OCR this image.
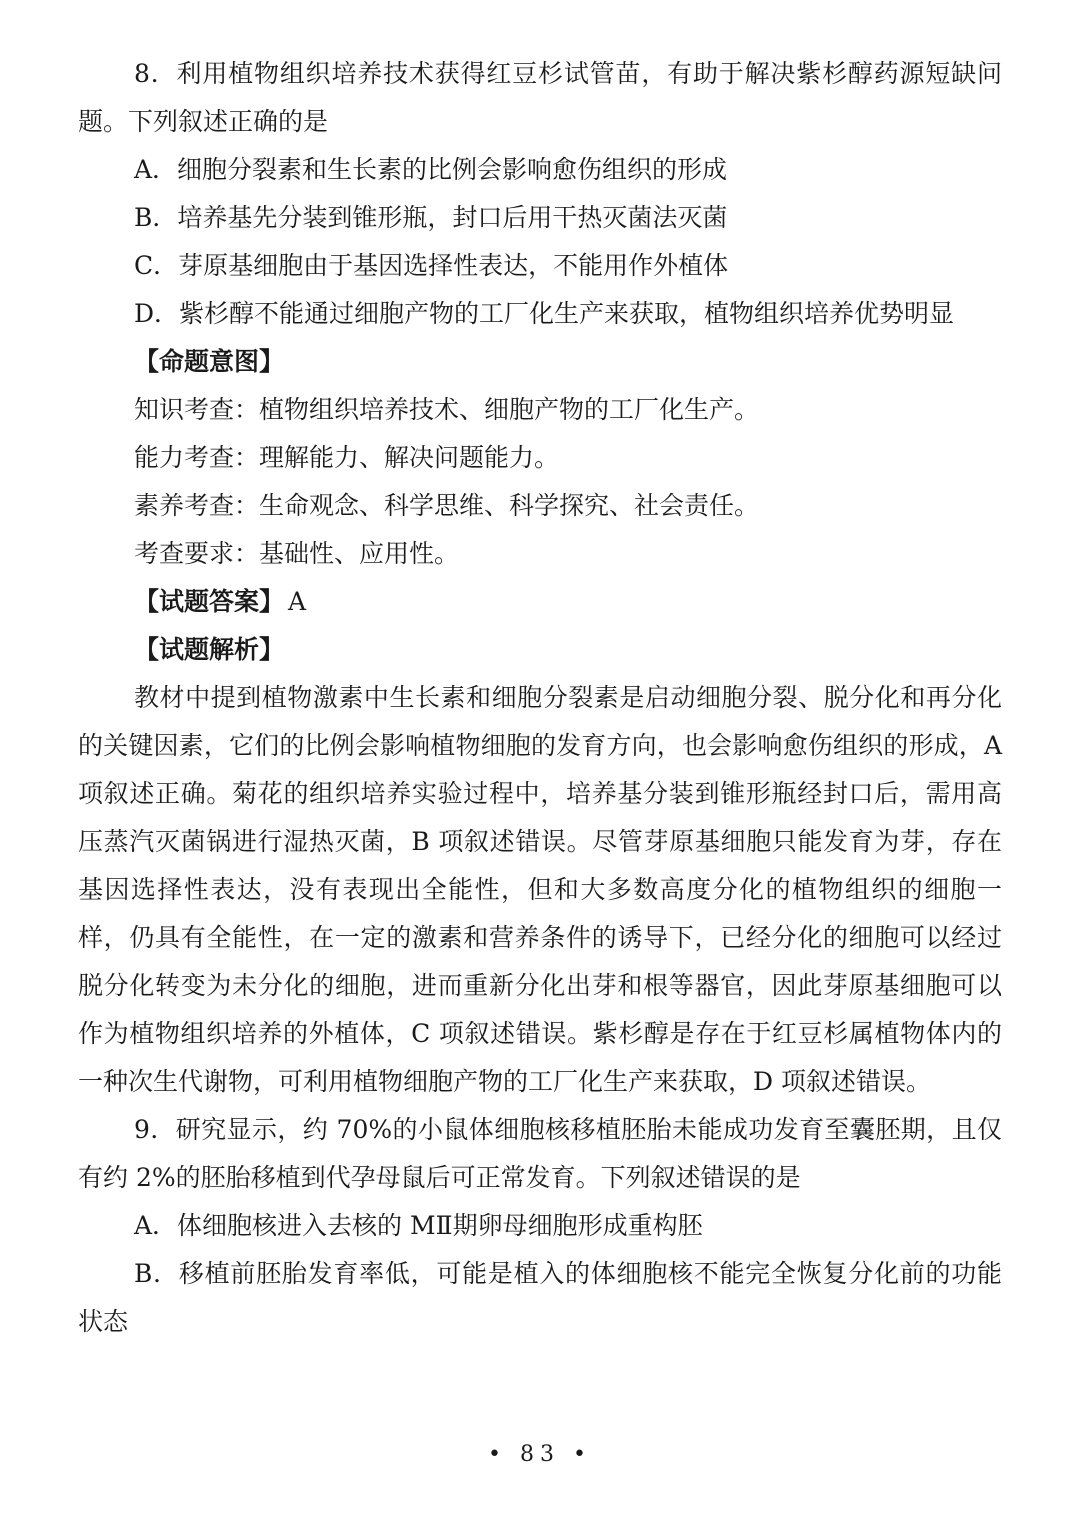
8．利用植物组织培养技术获得红豆杉试管苗，有助于解决紫杉醇药源短缺问题。下列叙述正确的是

A．细胞分裂素和生长素的比例会影响愈伤组织的形成

B．培养基先分装到锥形瓶，封口后用干热灭菌法灭菌

C．芽原基细胞由于基因选择性表达，不能用作外植体

D．紫杉醇不能通过细胞产物的工厂化生产来获取，植物组织培养优势明显

【命题意图】

知识考查：植物组织培养技术、细胞产物的工厂化生产。

能力考查：理解能力、解决问题能力。

素养考查：生命观念、科学思维、科学探究、社会责任。

考查要求：基础性、应用性。

【试题答案】 A

【试题解析】

教材中提到植物激素中生长素和细胞分裂素是启动细胞分裂、脱分化和再分化的关键因素，它们的比例会影响植物细胞的发育方向，也会影响愈伤组织的形成，A 项叙述正确。菊花的组织培养实验过程中，培养基分装到锥形瓶经封口后，需用高压蒸汽灭菌锅进行湿热灭菌，B 项叙述错误。尽管芽原基细胞只能发育为芽，存在基因选择性表达，没有表现出全能性，但和大多数高度分化的植物组织的细胞一样，仍具有全能性，在一定的激素和营养条件的诱导下，已经分化的细胞可以经过脱分化转变为未分化的细胞，进而重新分化出芽和根等器官，因此芽原基细胞可以作为植物组织培养的外植体，C 项叙述错误。紫杉醇是存在于红豆杉属植物体内的一种次生代谢物，可利用植物细胞产物的工厂化生产来获取，D 项叙述错误。

9．研究显示，约 70%的小鼠体细胞核移植胚胎未能成功发育至囊胚期，且仅有约 2%的胚胎移植到代孕母鼠后可正常发育。下列叙述错误的是

A．体细胞核进入去核的 MⅡ期卵母细胞形成重构胚

B．移植前胚胎发育率低，可能是植入的体细胞核不能完全恢复分化前的功能状态

• 83 •
